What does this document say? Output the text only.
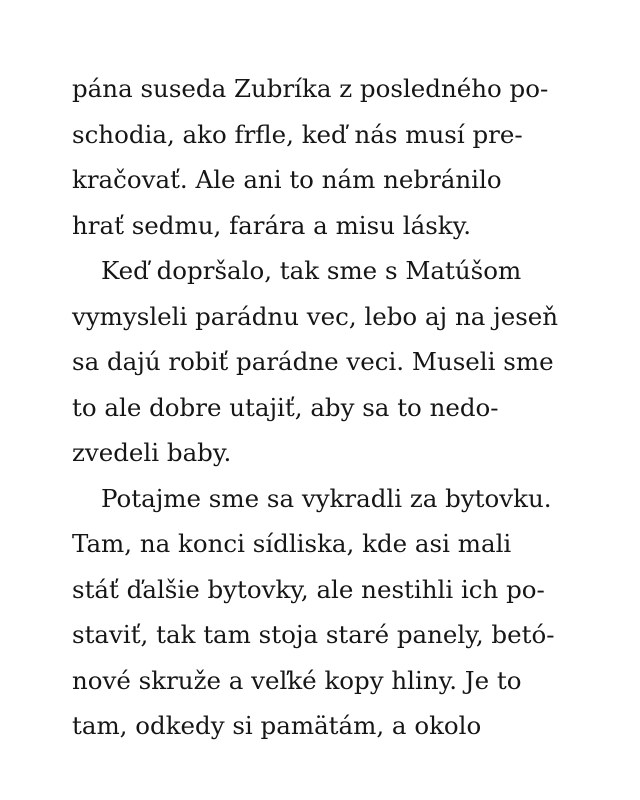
pána suseda Zubríka z posledného po-
schodia, ako frfle, keď nás musí pre-
kračovať. Ale ani to nám nebránilo
hrať sedmu, farára a misu lásky.
Keď dopršalo, tak sme s Matúšom
vymysleli parádnu vec, lebo aj na jeseň
sa dajú robiť parádne veci. Museli sme
to ale dobre utajiť, aby sa to nedo-
zvedeli baby.
Potajme sme sa vykradli za bytovku.
Tam, na konci sídliska, kde asi mali
stáť ďalšie bytovky, ale nestihli ich po-
staviť, tak tam stoja staré panely, betó-
nové skruže a veľké kopy hliny. Je to
tam, odkedy si pamätám, a okolo
